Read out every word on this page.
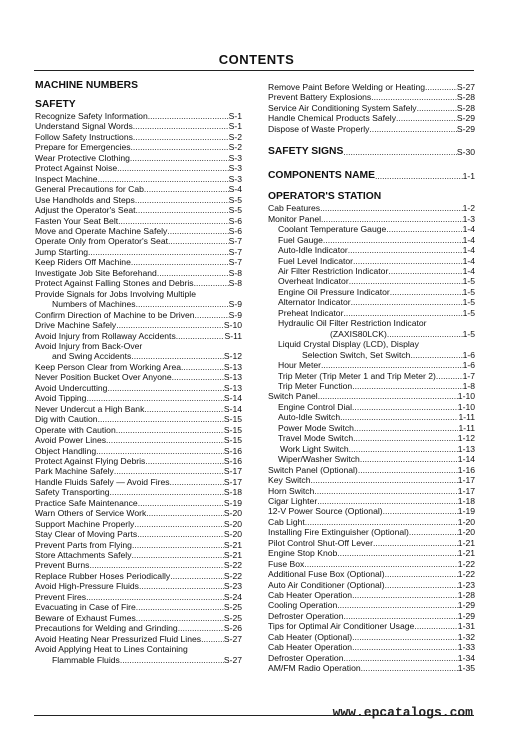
CONTENTS
MACHINE NUMBERS
SAFETY
Recognize Safety Information .....	S-1
Understand Signal Words .....	S-1
Follow Safety Instructions .....	S-2
Prepare for Emergencies .....	S-2
Wear Protective Clothing .....	S-3
Protect Against Noise .....	S-3
Inspect Machine .....	S-3
General Precautions for Cab .....	S-4
Use Handholds and Steps .....	S-5
Adjust the Operator's Seat .....	S-5
Fasten Your Seat Belt .....	S-6
Move and Operate Machine Safely .....	S-6
Operate Only from Operator's Seat .....	S-7
Jump Starting .....	S-7
Keep Riders Off Machine .....	S-7
Investigate Job Site Beforehand .....	S-8
Protect Against Falling Stones and Debris .....	S-8
Provide Signals for Jobs Involving Multiple
Numbers of Machines .....	S-9
Confirm Direction of Machine to be Driven .....	S-9
Drive Machine Safely .....	S-10
Avoid Injury from Rollaway Accidents .....	S-11
Avoid Injury from Back-Over
and Swing Accidents .....	S-12
Keep Person Clear from Working Area .....	S-13
Never Position Bucket Over Anyone .....	S-13
Avoid Undercutting .....	S-13
Avoid Tipping .....	S-14
Never Undercut a High Bank .....	S-14
Dig with Caution .....	S-15
Operate with Caution .....	S-15
Avoid Power Lines .....	S-15
Object Handling .....	S-16
Protect Against Flying Debris .....	S-16
Park Machine Safely .....	S-17
Handle Fluids Safely — Avoid Fires .....	S-17
Safety Transporting .....	S-18
Practice Safe Maintenance .....	S-19
Warn Others of Service Work .....	S-20
Support Machine Properly .....	S-20
Stay Clear of Moving Parts .....	S-20
Prevent Parts from Flying .....	S-21
Store Attachments Safely .....	S-21
Prevent Burns .....	S-22
Replace Rubber Hoses Periodically .....	S-22
Avoid High-Pressure Fluids .....	S-23
Prevent Fires .....	S-24
Evacuating in Case of Fire .....	S-25
Beware of Exhaust Fumes .....	S-25
Precautions for Welding and Grinding .....	S-26
Avoid Heating Near Pressurized Fluid Lines .....	S-27
Avoid Applying Heat to Lines Containing
Flammable Fluids .....	S-27
Remove Paint Before Welding or Heating .....	S-27
Prevent Battery Explosions .....	S-28
Service Air Conditioning System Safely .....	S-28
Handle Chemical Products Safely .....	S-29
Dispose of Waste Properly .....	S-29
SAFETY SIGNS .....	S-30
COMPONENTS NAME .....	1-1
OPERATOR'S STATION
Cab Features .....	1-2
Monitor Panel .....	1-3
Coolant Temperature Gauge .....	1-4
Fuel Gauge .....	1-4
Auto-Idle Indicator .....	1-4
Fuel Level Indicator .....	1-4
Air Filter Restriction Indicator .....	1-4
Overheat Indicator .....	1-5
Engine Oil Pressure Indicator .....	1-5
Alternator Indicator .....	1-5
Preheat Indicator .....	1-5
Hydraulic Oil Filter Restriction Indicator
(ZAXIS80LCK) .....	1-5
Liquid Crystal Display (LCD), Display
Selection Switch, Set Switch .....	1-6
Hour Meter .....	1-6
Trip Meter (Trip Meter 1 and Trip Meter 2) .....	1-7
Trip Meter Function .....	1-8
Switch Panel .....	1-10
Engine Control Dial .....	1-10
Auto-Idle Switch .....	1-11
Power Mode Switch .....	1-11
Travel Mode Switch .....	1-12
Work Light Switch .....	1-13
Wiper/Washer Switch .....	1-14
Switch Panel (Optional) .....	1-16
Key Switch .....	1-17
Horn Switch .....	1-17
Cigar Lighter .....	1-18
12-V Power Source (Optional) .....	1-19
Cab Light .....	1-20
Installing Fire Extinguisher (Optional) .....	1-20
Pilot Control Shut-Off Lever .....	1-21
Engine Stop Knob .....	1-21
Fuse Box .....	1-22
Additional Fuse Box (Optional) .....	1-22
Auto Air Conditioner (Optional) .....	1-23
Cab Heater Operation .....	1-28
Cooling Operation .....	1-29
Defroster Operation .....	1-29
Tips for Optimal Air Conditioner Usage .....	1-31
Cab Heater (Optional) .....	1-32
Cab Heater Operation .....	1-33
Defroster Operation .....	1-34
AM/FM Radio Operation .....	1-35
www.epcatalogs.com
